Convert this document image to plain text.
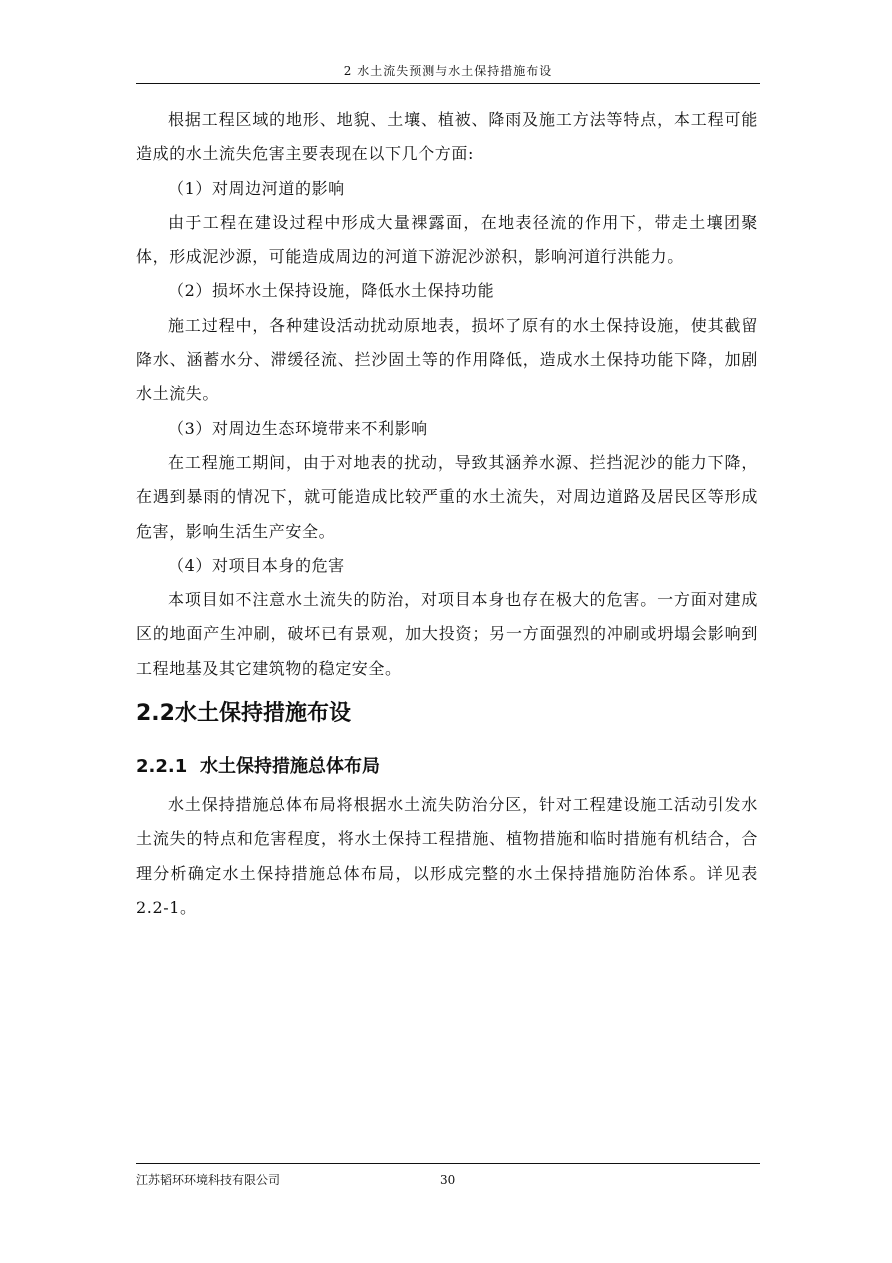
2 水土流失预测与水土保持措施布设

根据工程区域的地形、地貌、土壤、植被、降雨及施工方法等特点，本工程可能造成的水土流失危害主要表现在以下几个方面:

（1）对周边河道的影响

由于工程在建设过程中形成大量裸露面，在地表径流的作用下，带走土壤团聚体，形成泥沙源，可能造成周边的河道下游泥沙淤积，影响河道行洪能力。

（2）损坏水土保持设施，降低水土保持功能

施工过程中，各种建设活动扰动原地表，损坏了原有的水土保持设施，使其截留降水、涵蓄水分、滞缓径流、拦沙固土等的作用降低，造成水土保持功能下降，加剧水土流失。

（3）对周边生态环境带来不利影响

在工程施工期间，由于对地表的扰动，导致其涵养水源、拦挡泥沙的能力下降，在遇到暴雨的情况下，就可能造成比较严重的水土流失，对周边道路及居民区等形成危害，影响生活生产安全。

（4）对项目本身的危害

本项目如不注意水土流失的防治，对项目本身也存在极大的危害。一方面对建成区的地面产生冲刷，破坏已有景观，加大投资；另一方面强烈的冲刷或坍塌会影响到工程地基及其它建筑物的稳定安全。

2.2水土保持措施布设
2.2.1 水土保持措施总体布局

水土保持措施总体布局将根据水土流失防治分区，针对工程建设施工活动引发水土流失的特点和危害程度，将水土保持工程措施、植物措施和临时措施有机结合，合理分析确定水土保持措施总体布局，以形成完整的水土保持措施防治体系。详见表 2.2-1。

江苏韬环环境科技有限公司	30
